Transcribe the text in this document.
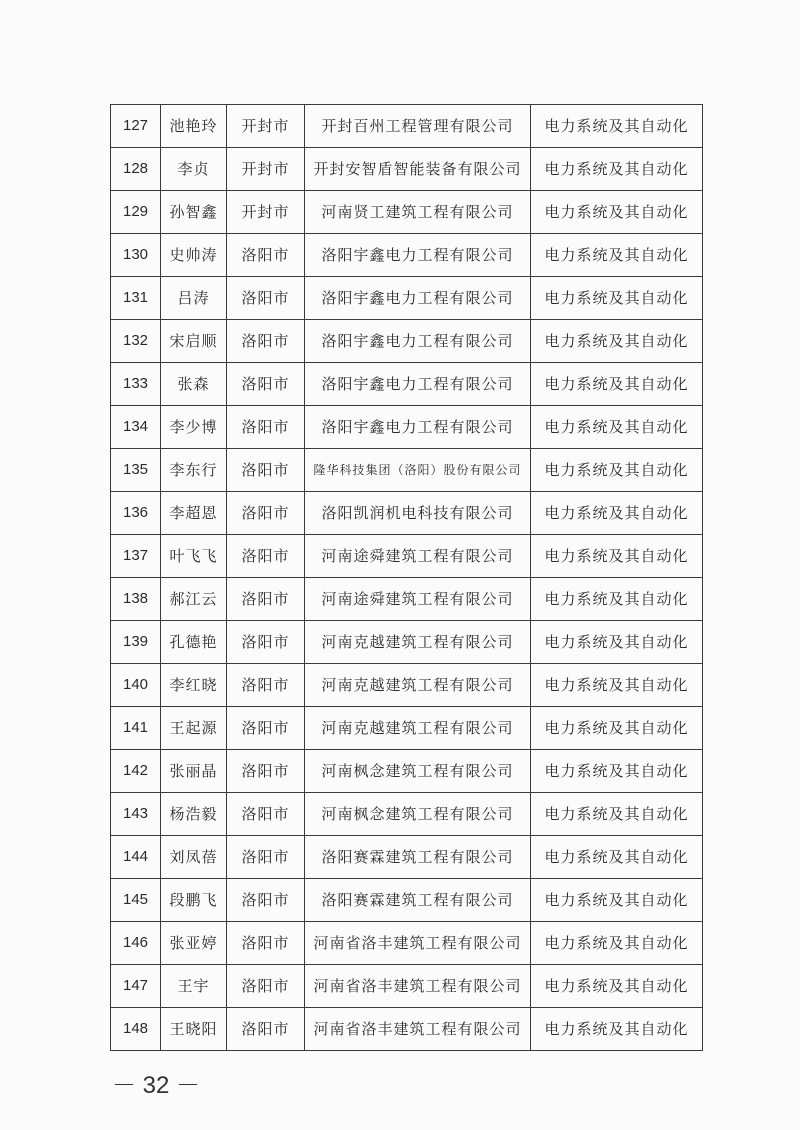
127	池艳玲	开封市	开封百州工程管理有限公司	电力系统及其自动化
128	李贞	开封市	开封安智盾智能装备有限公司	电力系统及其自动化
129	孙智鑫	开封市	河南贤工建筑工程有限公司	电力系统及其自动化
130	史帅涛	洛阳市	洛阳宇鑫电力工程有限公司	电力系统及其自动化
131	吕涛	洛阳市	洛阳宇鑫电力工程有限公司	电力系统及其自动化
132	宋启顺	洛阳市	洛阳宇鑫电力工程有限公司	电力系统及其自动化
133	张森	洛阳市	洛阳宇鑫电力工程有限公司	电力系统及其自动化
134	李少博	洛阳市	洛阳宇鑫电力工程有限公司	电力系统及其自动化
135	李东行	洛阳市	隆华科技集团（洛阳）股份有限公司	电力系统及其自动化
136	李超恩	洛阳市	洛阳凯润机电科技有限公司	电力系统及其自动化
137	叶飞飞	洛阳市	河南途舜建筑工程有限公司	电力系统及其自动化
138	郝江云	洛阳市	河南途舜建筑工程有限公司	电力系统及其自动化
139	孔德艳	洛阳市	河南克越建筑工程有限公司	电力系统及其自动化
140	李红晓	洛阳市	河南克越建筑工程有限公司	电力系统及其自动化
141	王起源	洛阳市	河南克越建筑工程有限公司	电力系统及其自动化
142	张丽晶	洛阳市	河南枫念建筑工程有限公司	电力系统及其自动化
143	杨浩毅	洛阳市	河南枫念建筑工程有限公司	电力系统及其自动化
144	刘凤蓓	洛阳市	洛阳赛霖建筑工程有限公司	电力系统及其自动化
145	段鹏飞	洛阳市	洛阳赛霖建筑工程有限公司	电力系统及其自动化
146	张亚婷	洛阳市	河南省洛丰建筑工程有限公司	电力系统及其自动化
147	王宇	洛阳市	河南省洛丰建筑工程有限公司	电力系统及其自动化
148	王晓阳	洛阳市	河南省洛丰建筑工程有限公司	电力系统及其自动化
－ 32 －
